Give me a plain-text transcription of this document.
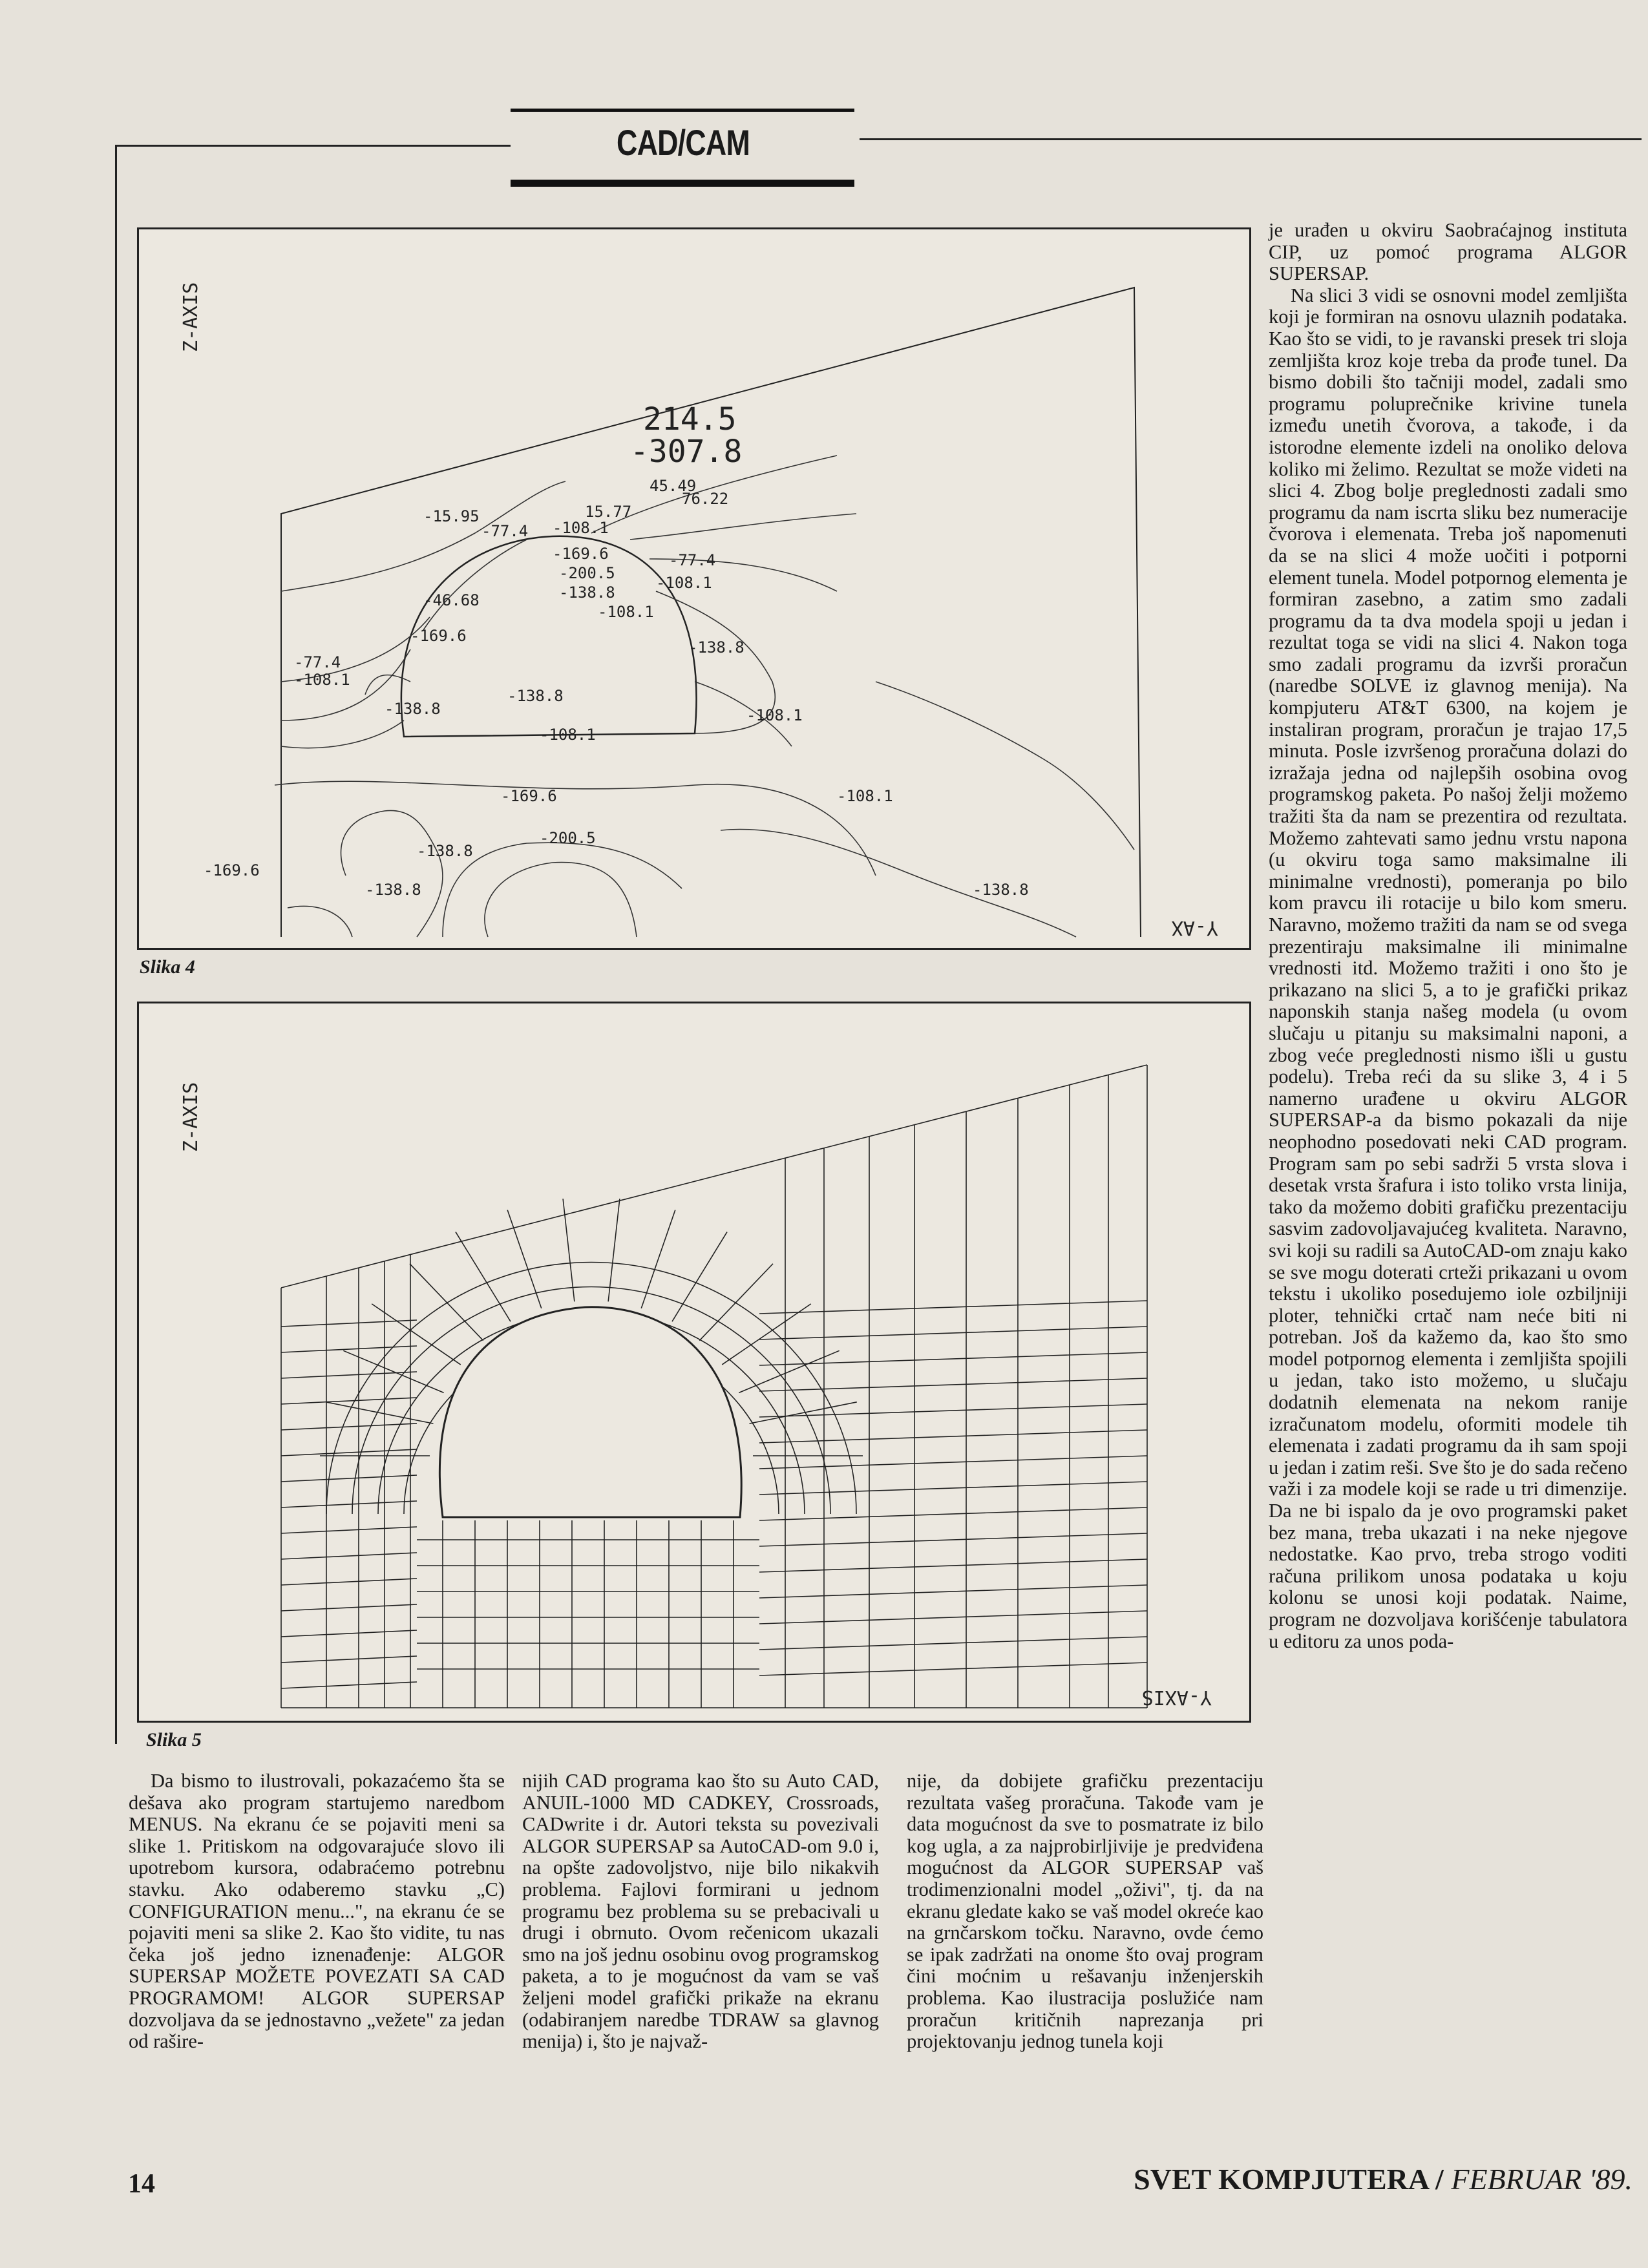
CAD/CAM
214.5
-307.8
Z-AXIS
Y-AX
-15.95
-46.68
-77.4
-108.1
-77.4 -108.1
-138.8
-169.6
-138.8
-108.1
-169.6
-200.5
-138.8
-169.6
-138.8	-138.8
15.77
45.49
76.22
-169.6
-108.1
-77.4
-200.5
-138.8
-108.1
-138.8
-108.1
-108.1
Slika 4
Z-AXIS
Y-AXIS
Slika 5

je urađen u okviru Saobraćajnog instituta CIP, uz pomoć programa ALGOR SUPERSAP.

Na slici 3 vidi se osnovni model zemljišta koji je formiran na osnovu ulaznih podataka. Kao što se vidi, to je ravanski presek tri sloja zemljišta kroz koje treba da prođe tunel. Da bismo dobili što tačniji model, zadali smo programu poluprečnike krivine tunela između unetih čvorova, a takođe, i da istorodne elemente izdeli na onoliko delova koliko mi želimo. Rezultat se može videti na slici 4. Zbog bolje preglednosti zadali smo programu da nam iscrta sliku bez numeracije čvorova i elemenata. Treba još napomenuti da se na slici 4 može uočiti i potporni element tunela. Model potpornog elementa je formiran zasebno, a zatim smo zadali programu da ta dva modela spoji u jedan i rezultat toga se vidi na slici 4. Nakon toga smo zadali programu da izvrši proračun (naredbe SOLVE iz glavnog menija). Na kompjuteru AT&T 6300, na kojem je instaliran program, proračun je trajao 17,5 minuta. Posle izvršenog proračuna dolazi do izražaja jedna od najlepših osobina ovog programskog paketa. Po našoj želji možemo tražiti šta da nam se prezentira od rezultata. Možemo zahtevati samo jednu vrstu napona (u okviru toga samo maksimalne ili minimalne vrednosti), pomeranja po bilo kom pravcu ili rotacije u bilo kom smeru. Naravno, možemo tražiti da nam se od svega prezentiraju maksimalne ili minimalne vrednosti itd. Možemo tražiti i ono što je prikazano na slici 5, a to je grafički prikaz naponskih stanja našeg modela (u ovom slučaju u pitanju su maksimalni naponi, a zbog veće preglednosti nismo išli u gustu podelu). Treba reći da su slike 3, 4 i 5 namerno urađene u okviru ALGOR SUPERSAP-a da bismo pokazali da nije neophodno posedovati neki CAD program. Program sam po sebi sadrži 5 vrsta slova i desetak vrsta šrafura i isto toliko vrsta linija, tako da možemo dobiti grafičku prezentaciju sasvim zadovoljavajućeg kvaliteta. Naravno, svi koji su radili sa AutoCAD-om znaju kako se sve mogu doterati crteži prikazani u ovom tekstu i ukoliko posedujemo iole ozbiljniji ploter, tehnički crtač nam neće biti ni potreban. Još da kažemo da, kao što smo model potpornog elementa i zemljišta spojili u jedan, tako isto možemo, u slučaju dodatnih elemenata na nekom ranije izračunatom modelu, oformiti modele tih elemenata i zadati programu da ih sam spoji u jedan i zatim reši. Sve što je do sada rečeno važi i za modele koji se rade u tri dimenzije. Da ne bi ispalo da je ovo programski paket bez mana, treba ukazati i na neke njegove nedostatke. Kao prvo, treba strogo voditi računa prilikom unosa podataka u koju kolonu se unosi koji podatak. Naime, program ne dozvoljava korišćenje tabulatora u editoru za unos poda-

Da bismo to ilustrovali, pokazaćemo šta se dešava ako program startujemo naredbom MENUS. Na ekranu će se pojaviti meni sa slike 1. Pritiskom na odgovarajuće slovo ili upotrebom kursora, odabraćemo potrebnu stavku. Ako odaberemo stavku „C) CONFIGURATION menu...", na ekranu će se pojaviti meni sa slike 2. Kao što vidite, tu nas čeka još jedno iznenađenje: ALGOR SUPERSAP MOŽETE POVEZATI SA CAD PROGRAMOM! ALGOR SUPERSAP dozvoljava da se jednostavno „vežete" za jedan od rašire-

nijih CAD programa kao što su Auto CAD, ANUIL-1000 MD CADKEY, Crossroads, CADwrite i dr. Autori teksta su povezivali ALGOR SUPERSAP sa AutoCAD-om 9.0 i, na opšte zadovoljstvo, nije bilo nikakvih problema. Fajlovi formirani u jednom programu bez problema su se prebacivali u drugi i obrnuto. Ovom rečenicom ukazali smo na još jednu osobinu ovog programskog paketa, a to je mogućnost da vam se vaš željeni model grafički prikaže na ekranu (odabiranjem naredbe TDRAW sa glavnog menija) i, što je najvaž-

nije, da dobijete grafičku prezentaciju rezultata vašeg proračuna. Takođe vam je data mogućnost da sve to posmatrate iz bilo kog ugla, a za najprobirljivije je predviđena mogućnost da ALGOR SUPERSAP vaš trodimenzionalni model „oživi", tj. da na ekranu gledate kako se vaš model okreće kao na grnčarskom točku. Naravno, ovde ćemo se ipak zadržati na onome što ovaj program čini moćnim u rešavanju inženjerskih problema. Kao ilustracija poslužiće nam proračun kritičnih naprezanja pri projektovanju jednog tunela koji

14	SVET KOMPJUTERA / FEBRUAR '89.
